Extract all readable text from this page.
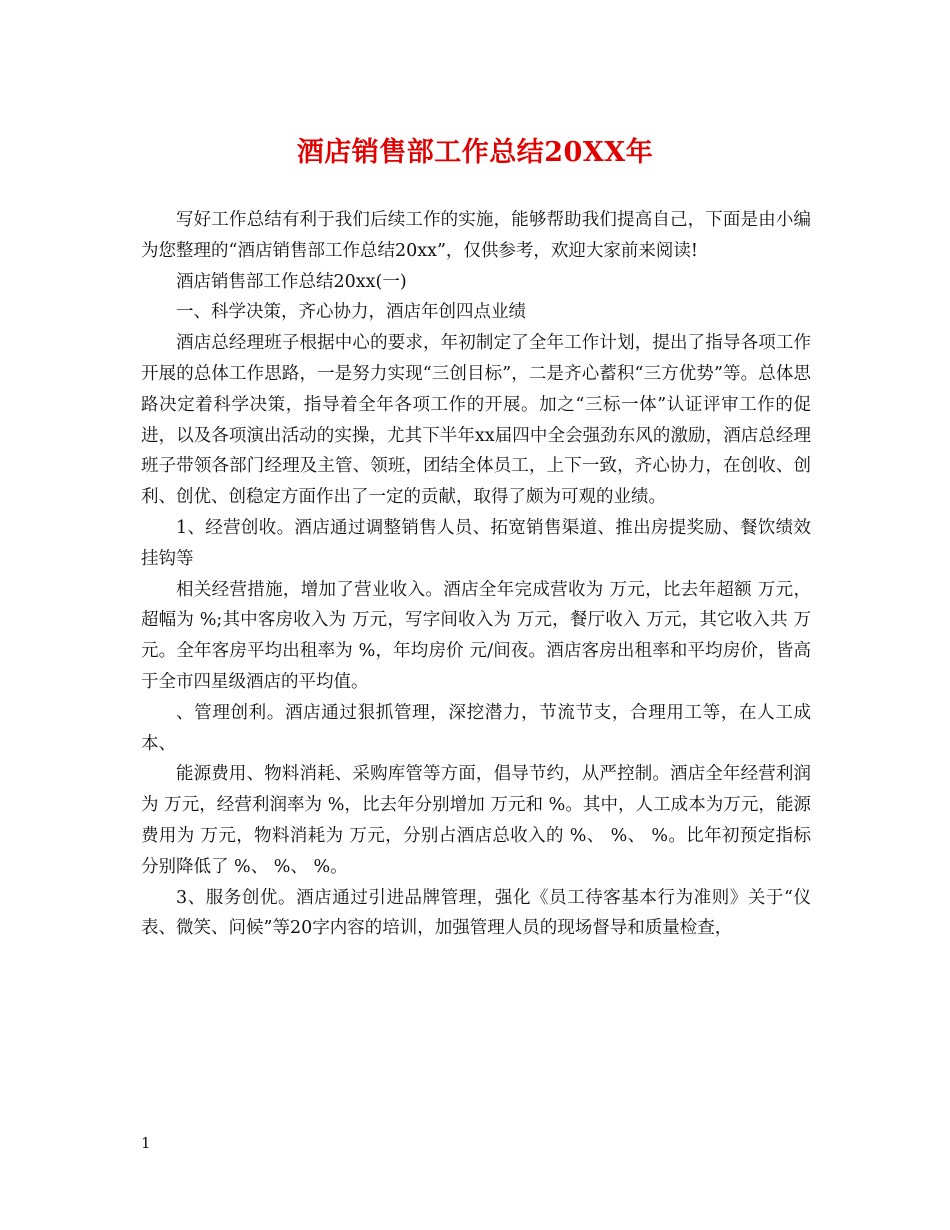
酒店销售部工作总结20XX年

写好工作总结有利于我们后续工作的实施，能够帮助我们提高自己，下面是由小编为您整理的“酒店销售部工作总结20xx”，仅供参考，欢迎大家前来阅读!

酒店销售部工作总结20xx(一)

一、科学决策，齐心协力，酒店年创四点业绩

酒店总经理班子根据中心的要求，年初制定了全年工作计划，提出了指导各项工作开展的总体工作思路，一是努力实现“三创目标”，二是齐心蓄积“三方优势”等。总体思路决定着科学决策，指导着全年各项工作的开展。加之“三标一体”认证评审工作的促进，以及各项演出活动的实操，尤其下半年xx届四中全会强劲东风的激励，酒店总经理班子带领各部门经理及主管、领班，团结全体员工，上下一致，齐心协力，在创收、创利、创优、创稳定方面作出了一定的贡献，取得了颇为可观的业绩。

1、经营创收。酒店通过调整销售人员、拓宽销售渠道、推出房提奖励、餐饮绩效挂钩等

相关经营措施，增加了营业收入。酒店全年完成营收为 万元，比去年超额 万元，超幅为 %;其中客房收入为 万元，写字间收入为 万元，餐厅收入 万元，其它收入共 万元。全年客房平均出租率为 %，年均房价 元/间夜。酒店客房出租率和平均房价，皆高于全市四星级酒店的平均值。

、管理创利。酒店通过狠抓管理，深挖潜力，节流节支，合理用工等，在人工成本、

能源费用、物料消耗、采购库管等方面，倡导节约，从严控制。酒店全年经营利润为 万元，经营利润率为 %，比去年分别增加 万元和 %。其中，人工成本为万元，能源费用为 万元，物料消耗为 万元，分别占酒店总收入的 %、 %、 %。比年初预定指标分别降低了 %、 %、 %。

3、服务创优。酒店通过引进品牌管理，强化《员工待客基本行为准则》关于“仪表、微笑、问候”等20字内容的培训，加强管理人员的现场督导和质量检查，

1
